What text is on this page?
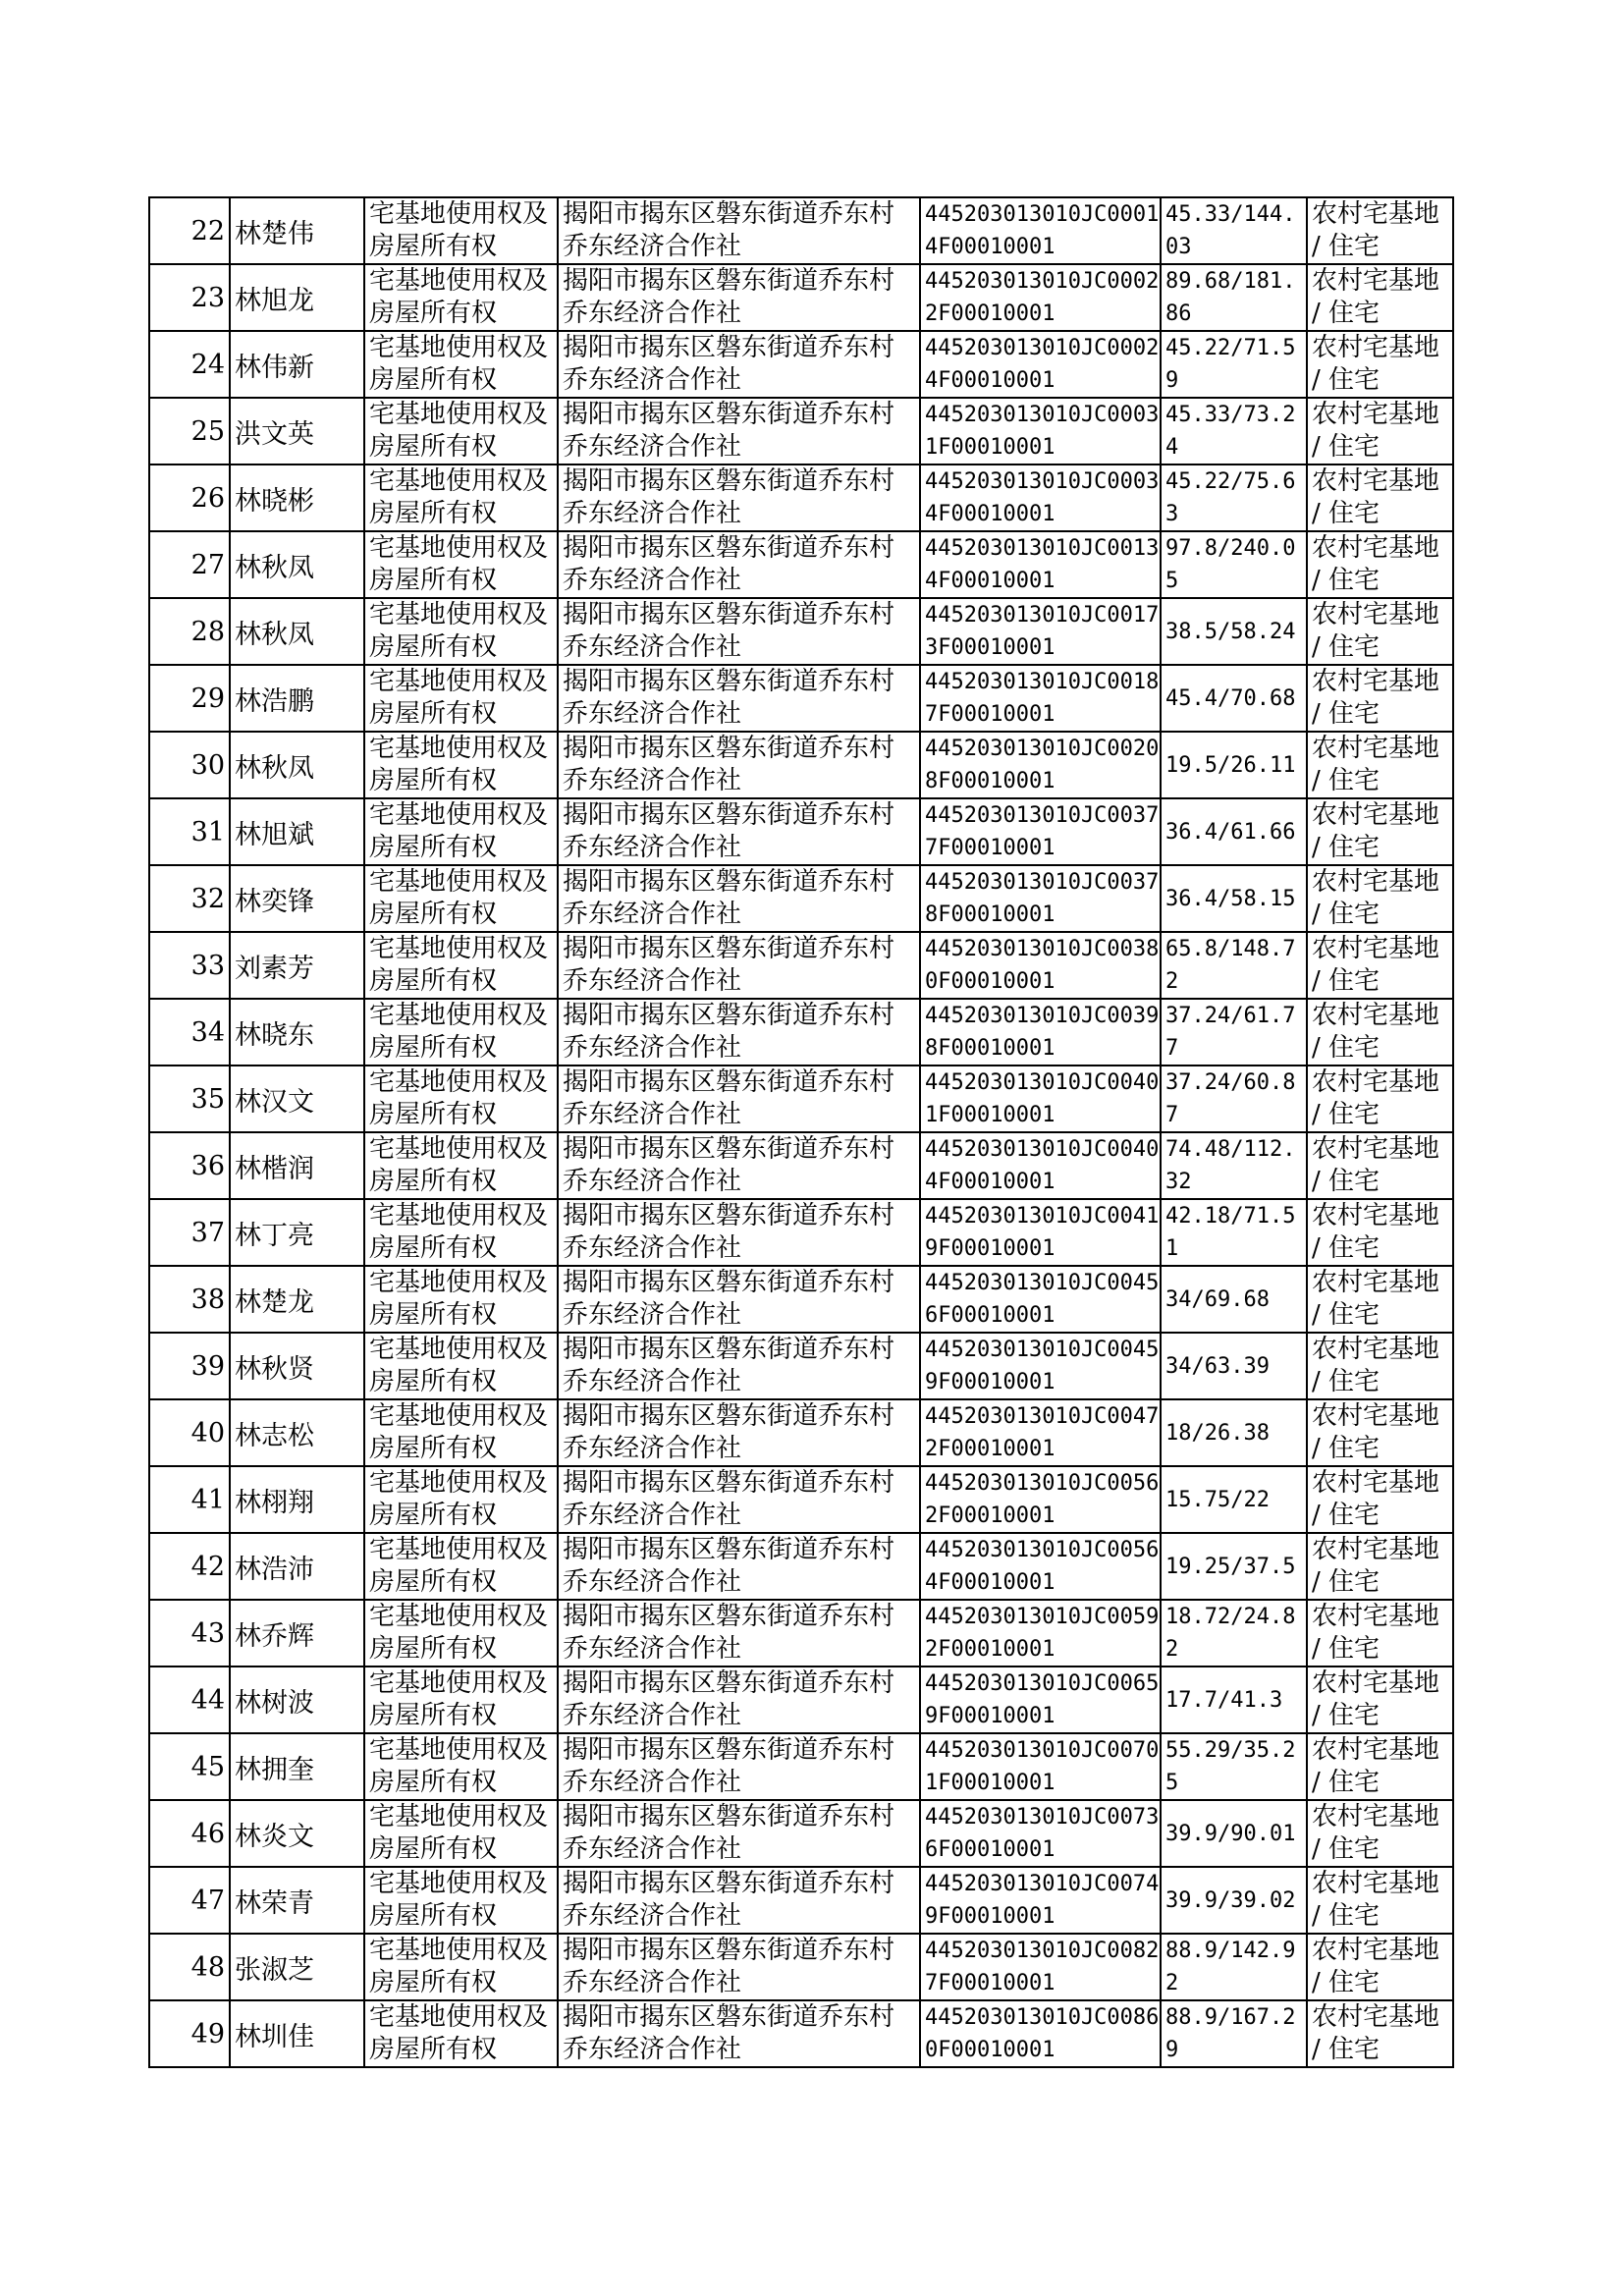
22	林楚伟	宅基地使用权及房屋所有权	揭阳市揭东区磐东街道乔东村乔东经济合作社	445203013010JC00014F00010001	45.33/144.03	农村宅基地 / 住宅

23	林旭龙	宅基地使用权及房屋所有权	揭阳市揭东区磐东街道乔东村乔东经济合作社	445203013010JC00022F00010001	89.68/181.86	农村宅基地 / 住宅

24	林伟新	宅基地使用权及房屋所有权	揭阳市揭东区磐东街道乔东村乔东经济合作社	445203013010JC00024F00010001	45.22/71.59	农村宅基地 / 住宅

25	洪文英	宅基地使用权及房屋所有权	揭阳市揭东区磐东街道乔东村乔东经济合作社	445203013010JC00031F00010001	45.33/73.24	农村宅基地 / 住宅

26	林晓彬	宅基地使用权及房屋所有权	揭阳市揭东区磐东街道乔东村乔东经济合作社	445203013010JC00034F00010001	45.22/75.63	农村宅基地 / 住宅

27	林秋凤	宅基地使用权及房屋所有权	揭阳市揭东区磐东街道乔东村乔东经济合作社	445203013010JC00134F00010001	97.8/240.05	农村宅基地 / 住宅

28	林秋凤	宅基地使用权及房屋所有权	揭阳市揭东区磐东街道乔东村乔东经济合作社	445203013010JC00173F00010001	38.5/58.24	农村宅基地 / 住宅

29	林浩鹏	宅基地使用权及房屋所有权	揭阳市揭东区磐东街道乔东村乔东经济合作社	445203013010JC00187F00010001	45.4/70.68	农村宅基地 / 住宅

30	林秋凤	宅基地使用权及房屋所有权	揭阳市揭东区磐东街道乔东村乔东经济合作社	445203013010JC00208F00010001	19.5/26.11	农村宅基地 / 住宅

31	林旭斌	宅基地使用权及房屋所有权	揭阳市揭东区磐东街道乔东村乔东经济合作社	445203013010JC00377F00010001	36.4/61.66	农村宅基地 / 住宅

32	林奕锋	宅基地使用权及房屋所有权	揭阳市揭东区磐东街道乔东村乔东经济合作社	445203013010JC00378F00010001	36.4/58.15	农村宅基地 / 住宅

33	刘素芳	宅基地使用权及房屋所有权	揭阳市揭东区磐东街道乔东村乔东经济合作社	445203013010JC00380F00010001	65.8/148.72	农村宅基地 / 住宅

34	林晓东	宅基地使用权及房屋所有权	揭阳市揭东区磐东街道乔东村乔东经济合作社	445203013010JC00398F00010001	37.24/61.77	农村宅基地 / 住宅

35	林汉文	宅基地使用权及房屋所有权	揭阳市揭东区磐东街道乔东村乔东经济合作社	445203013010JC00401F00010001	37.24/60.87	农村宅基地 / 住宅

36	林楷润	宅基地使用权及房屋所有权	揭阳市揭东区磐东街道乔东村乔东经济合作社	445203013010JC00404F00010001	74.48/112.32	农村宅基地 / 住宅

37	林丁亮	宅基地使用权及房屋所有权	揭阳市揭东区磐东街道乔东村乔东经济合作社	445203013010JC00419F00010001	42.18/71.51	农村宅基地 / 住宅

38	林楚龙	宅基地使用权及房屋所有权	揭阳市揭东区磐东街道乔东村乔东经济合作社	445203013010JC00456F00010001	34/69.68	农村宅基地 / 住宅

39	林秋贤	宅基地使用权及房屋所有权	揭阳市揭东区磐东街道乔东村乔东经济合作社	445203013010JC00459F00010001	34/63.39	农村宅基地 / 住宅

40	林志松	宅基地使用权及房屋所有权	揭阳市揭东区磐东街道乔东村乔东经济合作社	445203013010JC00472F00010001	18/26.38	农村宅基地 / 住宅

41	林栩翔	宅基地使用权及房屋所有权	揭阳市揭东区磐东街道乔东村乔东经济合作社	445203013010JC00562F00010001	15.75/22	农村宅基地 / 住宅

42	林浩沛	宅基地使用权及房屋所有权	揭阳市揭东区磐东街道乔东村乔东经济合作社	445203013010JC00564F00010001	19.25/37.5	农村宅基地 / 住宅

43	林乔辉	宅基地使用权及房屋所有权	揭阳市揭东区磐东街道乔东村乔东经济合作社	445203013010JC00592F00010001	18.72/24.82	农村宅基地 / 住宅

44	林树波	宅基地使用权及房屋所有权	揭阳市揭东区磐东街道乔东村乔东经济合作社	445203013010JC00659F00010001	17.7/41.3	农村宅基地 / 住宅

45	林拥奎	宅基地使用权及房屋所有权	揭阳市揭东区磐东街道乔东村乔东经济合作社	445203013010JC00701F00010001	55.29/35.25	农村宅基地 / 住宅

46	林炎文	宅基地使用权及房屋所有权	揭阳市揭东区磐东街道乔东村乔东经济合作社	445203013010JC00736F00010001	39.9/90.01	农村宅基地 / 住宅

47	林荣青	宅基地使用权及房屋所有权	揭阳市揭东区磐东街道乔东村乔东经济合作社	445203013010JC00749F00010001	39.9/39.02	农村宅基地 / 住宅

48	张淑芝	宅基地使用权及房屋所有权	揭阳市揭东区磐东街道乔东村乔东经济合作社	445203013010JC00827F00010001	88.9/142.92	农村宅基地 / 住宅

49	林圳佳	宅基地使用权及房屋所有权	揭阳市揭东区磐东街道乔东村乔东经济合作社	445203013010JC00860F00010001	88.9/167.29	农村宅基地 / 住宅
